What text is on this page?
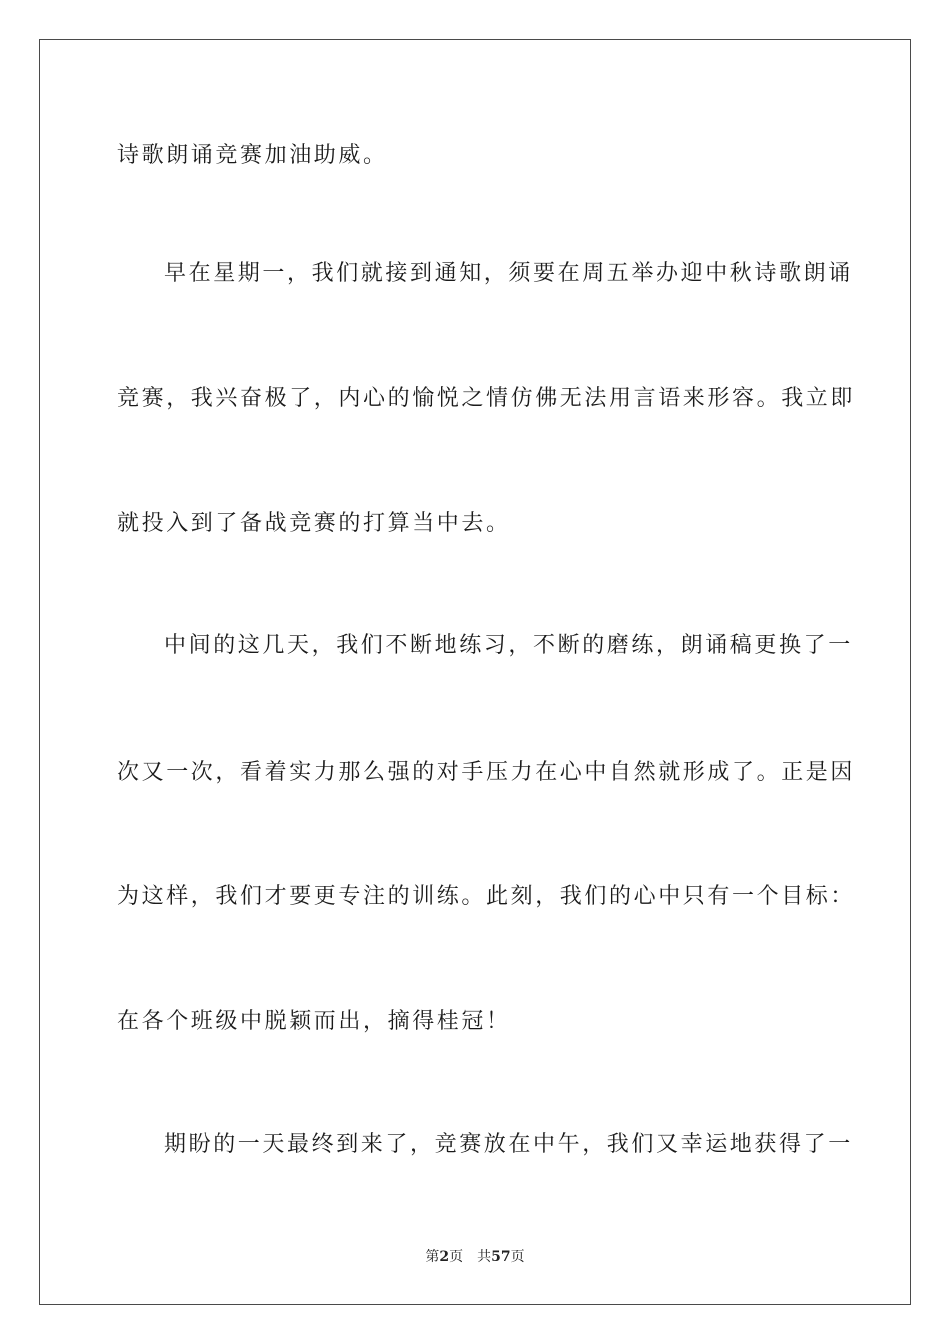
诗歌朗诵竞赛加油助威。

早在星期一，我们就接到通知，须要在周五举办迎中秋诗歌朗诵

竞赛，我兴奋极了，内心的愉悦之情仿佛无法用言语来形容。我立即

就投入到了备战竞赛的打算当中去。

中间的这几天，我们不断地练习，不断的磨练，朗诵稿更换了一

次又一次，看着实力那么强的对手压力在心中自然就形成了。正是因

为这样，我们才要更专注的训练。此刻，我们的心中只有一个目标：

在各个班级中脱颖而出，摘得桂冠！

期盼的一天最终到来了，竞赛放在中午，我们又幸运地获得了一

第2页 共57页
